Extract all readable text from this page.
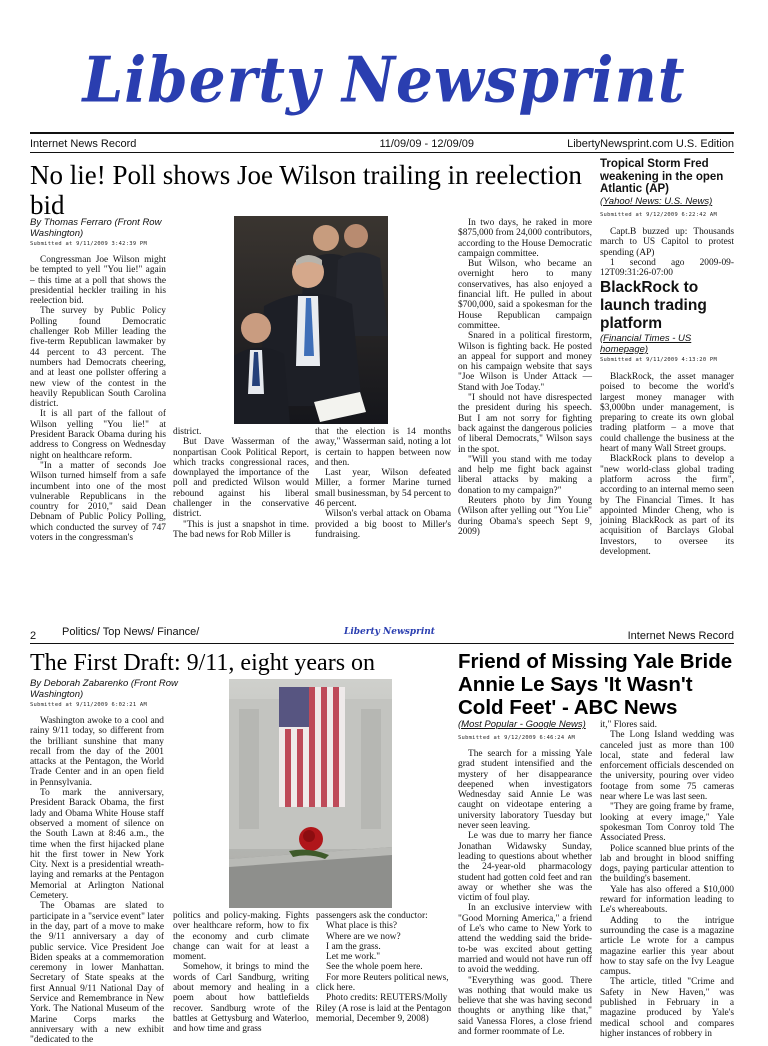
Liberty Newsprint
Internet News Record	11/09/09 - 12/09/09	LibertyNewsprint.com U.S. Edition
No lie! Poll shows Joe Wilson trailing in reelection bid
By Thomas Ferraro (Front Row Washington)
Submitted at 9/11/2009 3:42:39 PM

Congressman Joe Wilson might be tempted to yell "You lie!" again – this time at a poll that shows the presidential heckler trailing in his reelection bid.

The survey by Public Policy Polling found Democratic challenger Rob Miller leading the five-term Republican lawmaker by 44 percent to 43 percent. The numbers had Democrats cheering, and at least one pollster offering a new view of the contest in the heavily Republican South Carolina district.

It is all part of the fallout of Wilson yelling "You lie!" at President Barack Obama during his address to Congress on Wednesday night on healthcare reform.

"In a matter of seconds Joe Wilson turned himself from a safe incumbent into one of the most vulnerable Republicans in the country for 2010," said Dean Debnam of Public Policy Polling, which conducted the survey of 747 voters in the congressman's

district.

But Dave Wasserman of the nonpartisan Cook Political Report, which tracks congressional races, downplayed the importance of the poll and predicted Wilson would rebound against his liberal challenger in the conservative district.

"This is just a snapshot in time. The bad news for Rob Miller is

that the election is 14 months away," Wasserman said, noting a lot is certain to happen between now and then.

Last year, Wilson defeated Miller, a former Marine turned small businessman, by 54 percent to 46 percent.

Wilson's verbal attack on Obama provided a big boost to Miller's fundraising.

In two days, he raked in more $875,000 from 24,000 contributors, according to the House Democratic campaign committee.

But Wilson, who became an overnight hero to many conservatives, has also enjoyed a financial lift. He pulled in about $700,000, said a spokesman for the House Republican campaign committee.

Snared in a political firestorm, Wilson is fighting back. He posted an appeal for support and money on his campaign website that says "Joe Wilson is Under Attack — Stand with Joe Today."

"I should not have disrespected the president during his speech. But I am not sorry for fighting back against the dangerous policies of liberal Democrats," Wilson says in the spot.

"Will you stand with me today and help me fight back against liberal attacks by making a donation to my campaign?"

Reuters photo by Jim Young (Wilson after yelling out "You Lie" during Obama's speech Sept 9, 2009)

Tropical Storm Fred weakening in the open Atlantic (AP)
(Yahoo! News: U.S. News)
Submitted at 9/12/2009 6:22:42 AM

Capt.B buzzed up: Thousands march to US Capitol to protest spending (AP)

1 second ago 2009-09-12T09:31:26-07:00

BlackRock to launch trading platform
(Financial Times - US homepage)
Submitted at 9/11/2009 4:13:20 PM

BlackRock, the asset manager poised to become the world's largest money manager with $3,000bn under management, is preparing to create its own global trading platform – a move that could challenge the business at the heart of many Wall Street groups.

BlackRock plans to develop a "new world-class global trading platform across the firm", according to an internal memo seen by The Financial Times. It has appointed Minder Cheng, who is joining BlackRock as part of its acquisition of Barclays Global Investors, to oversee its development.

2 Politics/ Top News/ Finance/	Liberty Newsprint	Internet News Record
The First Draft: 9/11, eight years on
By Deborah Zabarenko (Front Row Washington)
Submitted at 9/11/2009 6:02:21 AM

Washington awoke to a cool and rainy 9/11 today, so different from the brilliant sunshine that many recall from the day of the 2001 attacks at the Pentagon, the World Trade Center and in an open field in Pennsylvania.

To mark the anniversary, President Barack Obama, the first lady and Obama White House staff observed a moment of silence on the South Lawn at 8:46 a.m., the time when the first hijacked plane hit the first tower in New York City. Next is a presidential wreath-laying and remarks at the Pentagon Memorial at Arlington National Cemetery.

The Obamas are slated to participate in a "service event" later in the day, part of a move to make the 9/11 anniversary a day of public service. Vice President Joe Biden speaks at a commemoration ceremony in lower Manhattan. Secretary of State speaks at the first Annual 9/11 National Day of Service and Remembrance in New York. The National Museum of the Marine Corps marks the anniversary with a new exhibit "dedicated to the

politics and policy-making. Fights over healthcare reform, how to fix the economy and curb climate change can wait for at least a moment.

Somehow, it brings to mind the words of Carl Sandburg, writing about memory and healing in a poem about how battlefields recover. Sandburg wrote of the battles at Gettysburg and Waterloo, and how time and grass

passengers ask the conductor:

What place is this?

Where are we now?

I am the grass.

Let me work."

See the whole poem here.

For more Reuters political news, click here.

Photo credits: REUTERS/Molly Riley (A rose is laid at the Pentagon memorial, December 9, 2008)

Friend of Missing Yale Bride Annie Le Says 'It Wasn't Cold Feet' - ABC News
(Most Popular - Google News)
Submitted at 9/12/2009 6:46:24 AM

The search for a missing Yale grad student intensified and the mystery of her disappearance deepened when investigators Wednesday said Annie Le was caught on videotape entering a university laboratory Tuesday but never seen leaving.

Le was due to marry her fiance Jonathan Widawsky Sunday, leading to questions about whether the 24-year-old pharmacology student had gotten cold feet and ran away or whether she was the victim of foul play.

In an exclusive interview with "Good Morning America," a friend of Le's who came to New York to attend the wedding said the bride-to-be was excited about getting married and would not have run off to avoid the wedding.

"Everything was good. There was nothing that would make us believe that she was having second thoughts or anything like that," said Vanessa Flores, a close friend and former roommate of Le.

it," Flores said.

The Long Island wedding was canceled just as more than 100 local, state and federal law enforcement officials descended on the university, pouring over video footage from some 75 cameras near where Le was last seen.

"They are going frame by frame, looking at every image," Yale spokesman Tom Conroy told The Associated Press.

Police scanned blue prints of the lab and brought in blood sniffing dogs, paying particular attention to the building's basement.

Yale has also offered a $10,000 reward for information leading to Le's whereabouts.

Adding to the intrigue surrounding the case is a magazine article Le wrote for a campus magazine earlier this year about how to stay safe on the Ivy League campus.

The article, titled "Crime and Safety in New Haven," was published in February in a magazine produced by Yale's medical school and compares higher instances of robbery in
